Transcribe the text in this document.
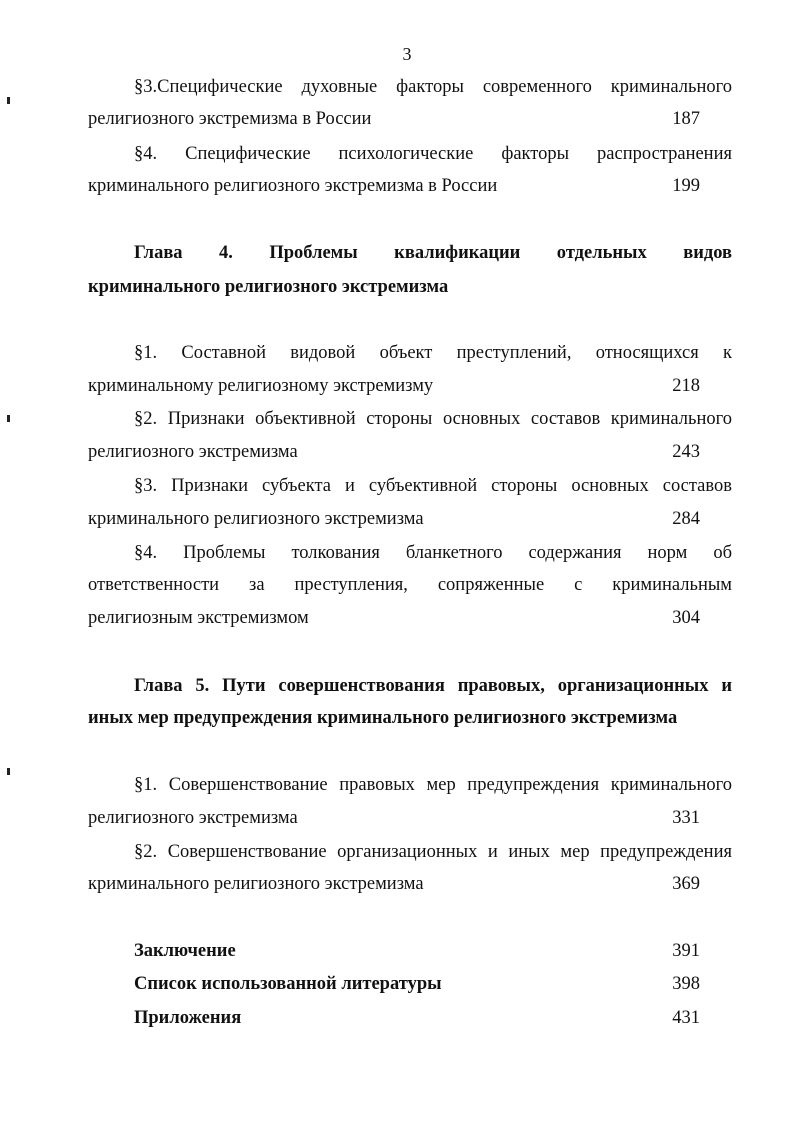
3
§3.Специфические духовные факторы современного криминального
религиозного экстремизма в России	187
§4. Специфические психологические факторы распространения
криминального религиозного экстремизма в России	199
Глава 4. Проблемы квалификации отдельных видов
криминального религиозного экстремизма
§1. Составной видовой объект преступлений, относящихся к
криминальному религиозному экстремизму	218
§2. Признаки объективной стороны основных составов криминального
религиозного экстремизма	243
§3. Признаки субъекта и субъективной стороны основных составов
криминального религиозного экстремизма	284
§4. Проблемы толкования бланкетного содержания норм об
ответственности за преступления, сопряженные с криминальным
религиозным экстремизмом	304
Глава 5. Пути совершенствования правовых, организационных и
иных мер предупреждения криминального религиозного экстремизма
§1. Совершенствование правовых мер предупреждения криминального
религиозного экстремизма	331
§2. Совершенствование организационных и иных мер предупреждения
криминального религиозного экстремизма	369
Заключение	391
Список использованной литературы	398
Приложения	431
